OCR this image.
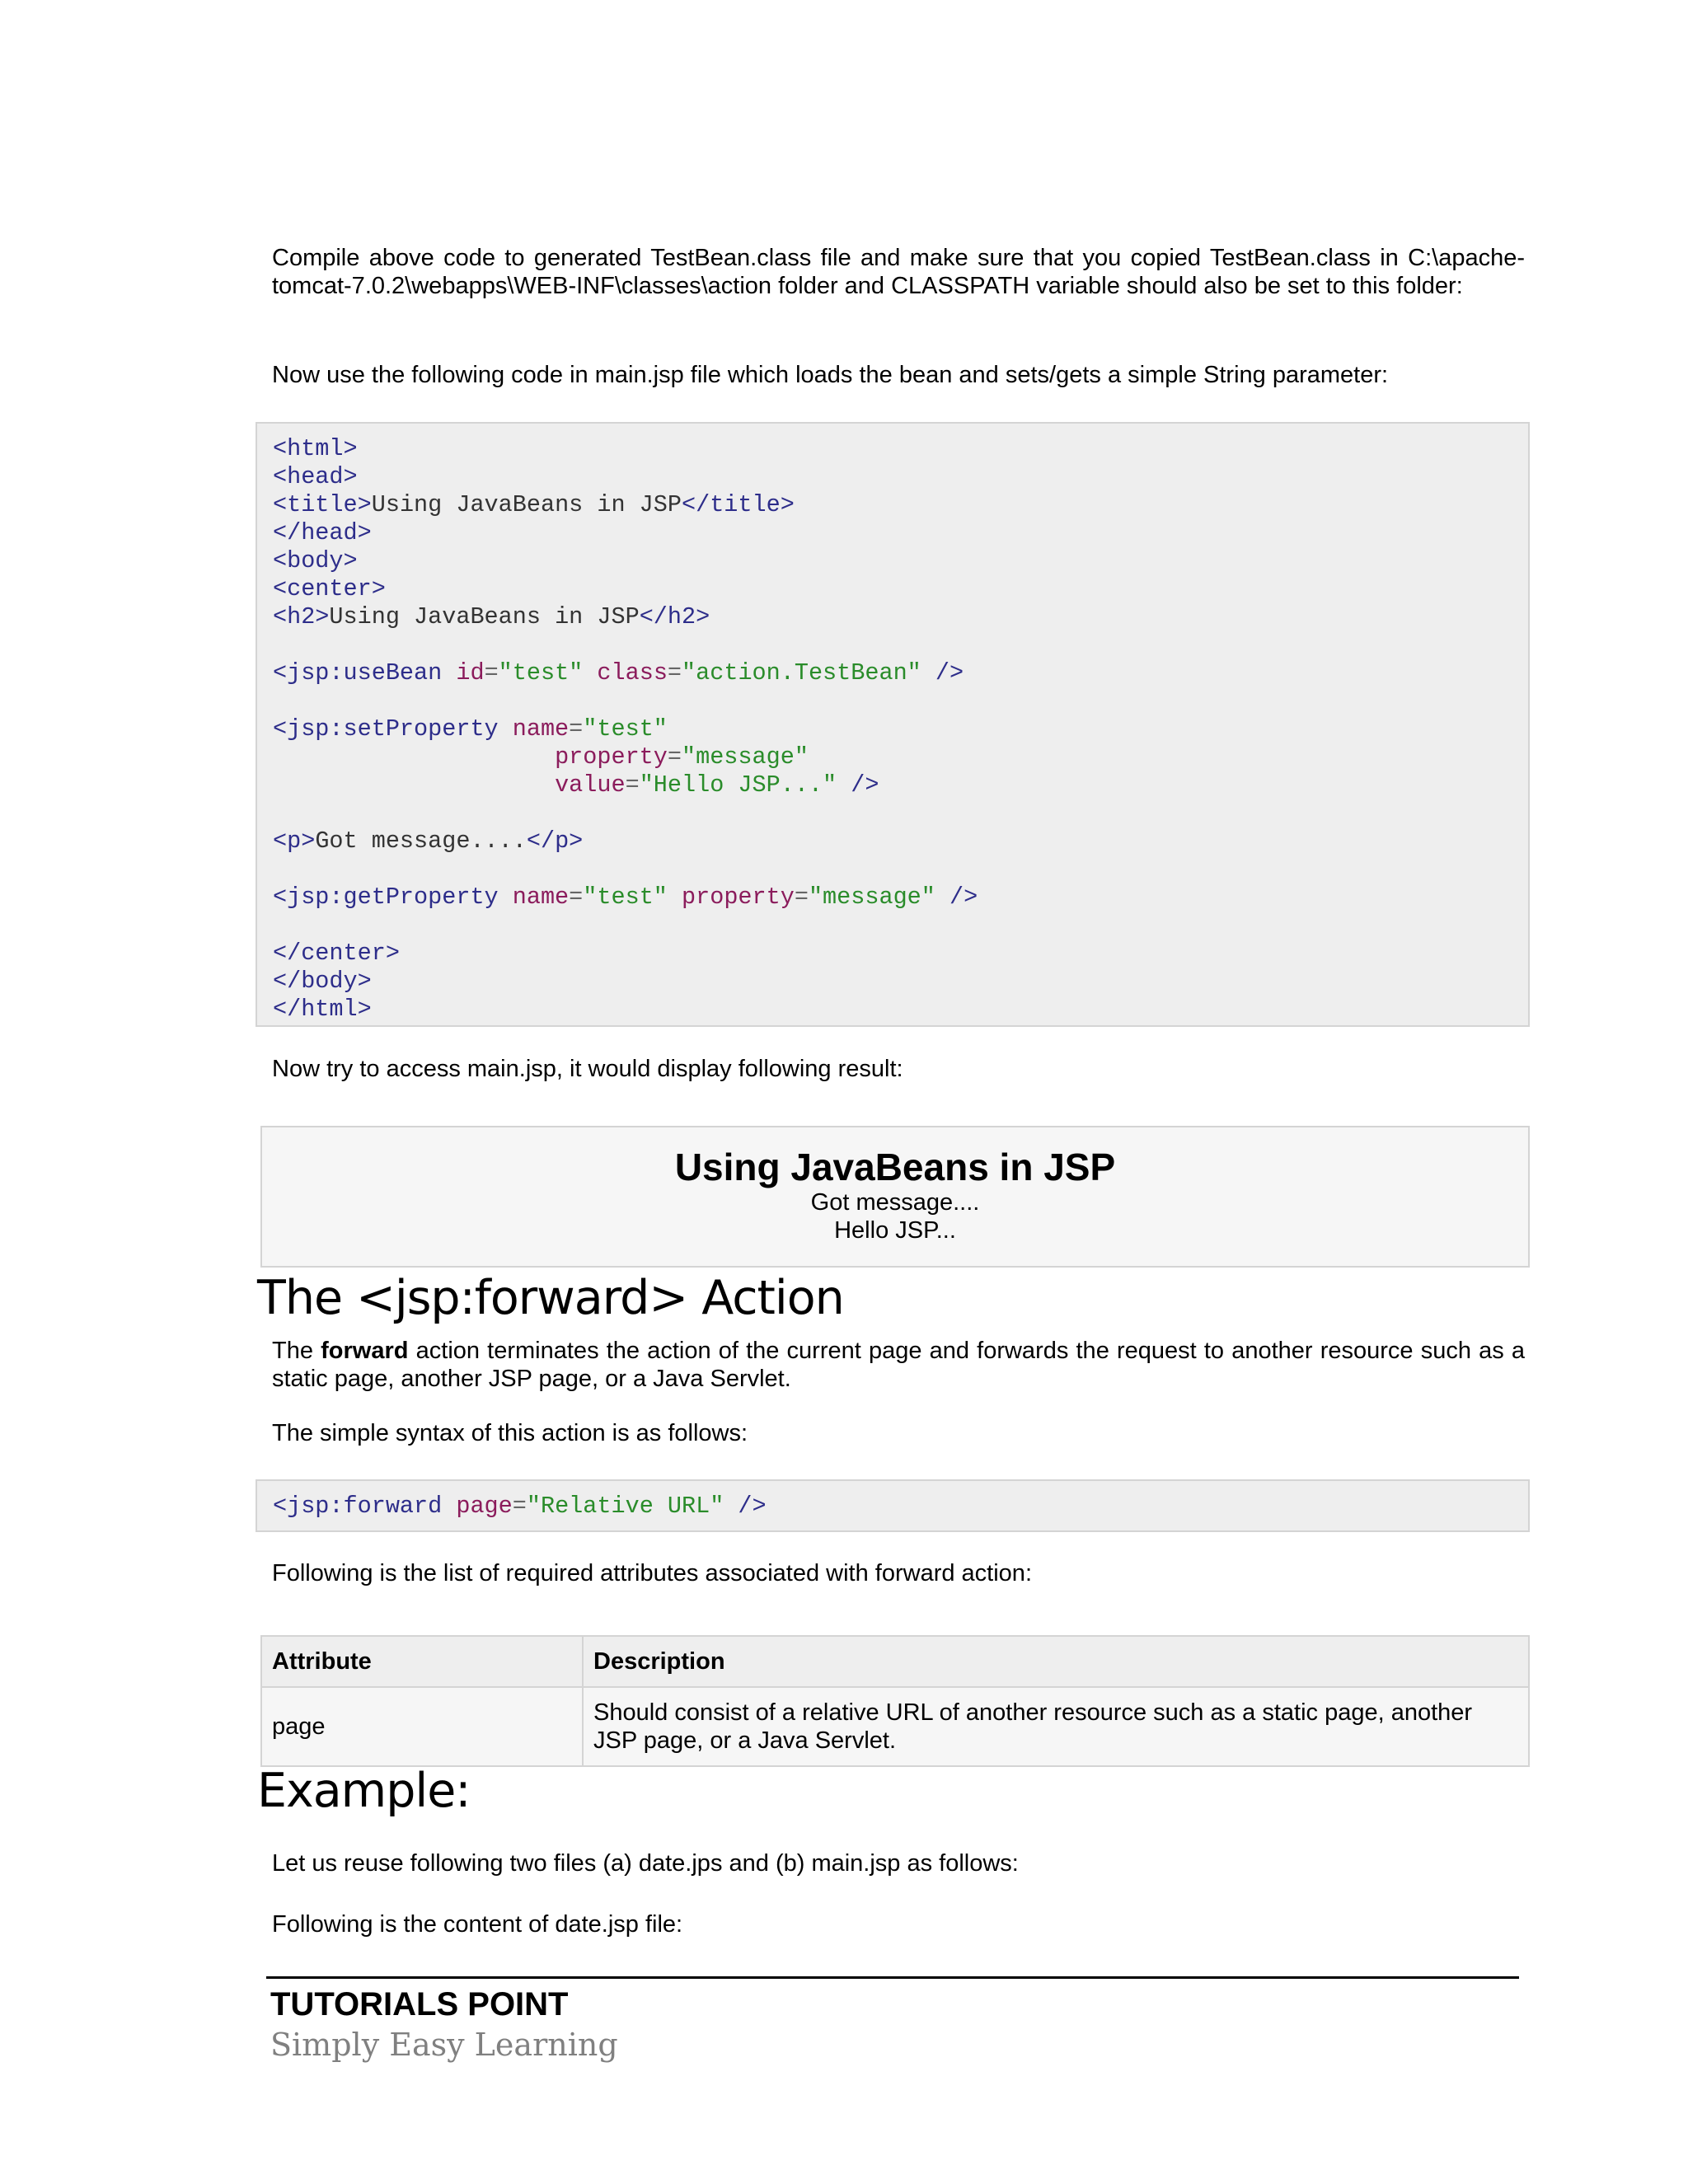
Compile above code to generated TestBean.class file and make sure that you copied TestBean.class in C:\apache-tomcat-7.0.2\webapps\WEB-INF\classes\action folder and CLASSPATH variable should also be set to this folder:

Now use the following code in main.jsp file which loads the bean and sets/gets a simple String parameter:

<html>
<head>
<title>Using JavaBeans in JSP</title>
</head>
<body>
<center>
<h2>Using JavaBeans in JSP</h2>

<jsp:useBean id="test" class="action.TestBean" />

<jsp:setProperty name="test"
property="message"
value="Hello JSP..." />

<p>Got message....</p>

<jsp:getProperty name="test" property="message" />

</center>
</body>
</html>

Now try to access main.jsp, it would display following result:

Using JavaBeans in JSP
Got message....
Hello JSP...
The <jsp:forward> Action

The forward action terminates the action of the current page and forwards the request to another resource such as a static page, another JSP page, or a Java Servlet.

The simple syntax of this action is as follows:

<jsp:forward page="Relative URL" />

Following is the list of required attributes associated with forward action:

Attribute	Description
page	Should consist of a relative URL of another resource such as a static page, another JSP page, or a Java Servlet.
Example:

Let us reuse following two files (a) date.jps and (b) main.jsp as follows:

Following is the content of date.jsp file:

TUTORIALS POINT
Simply Easy Learning
